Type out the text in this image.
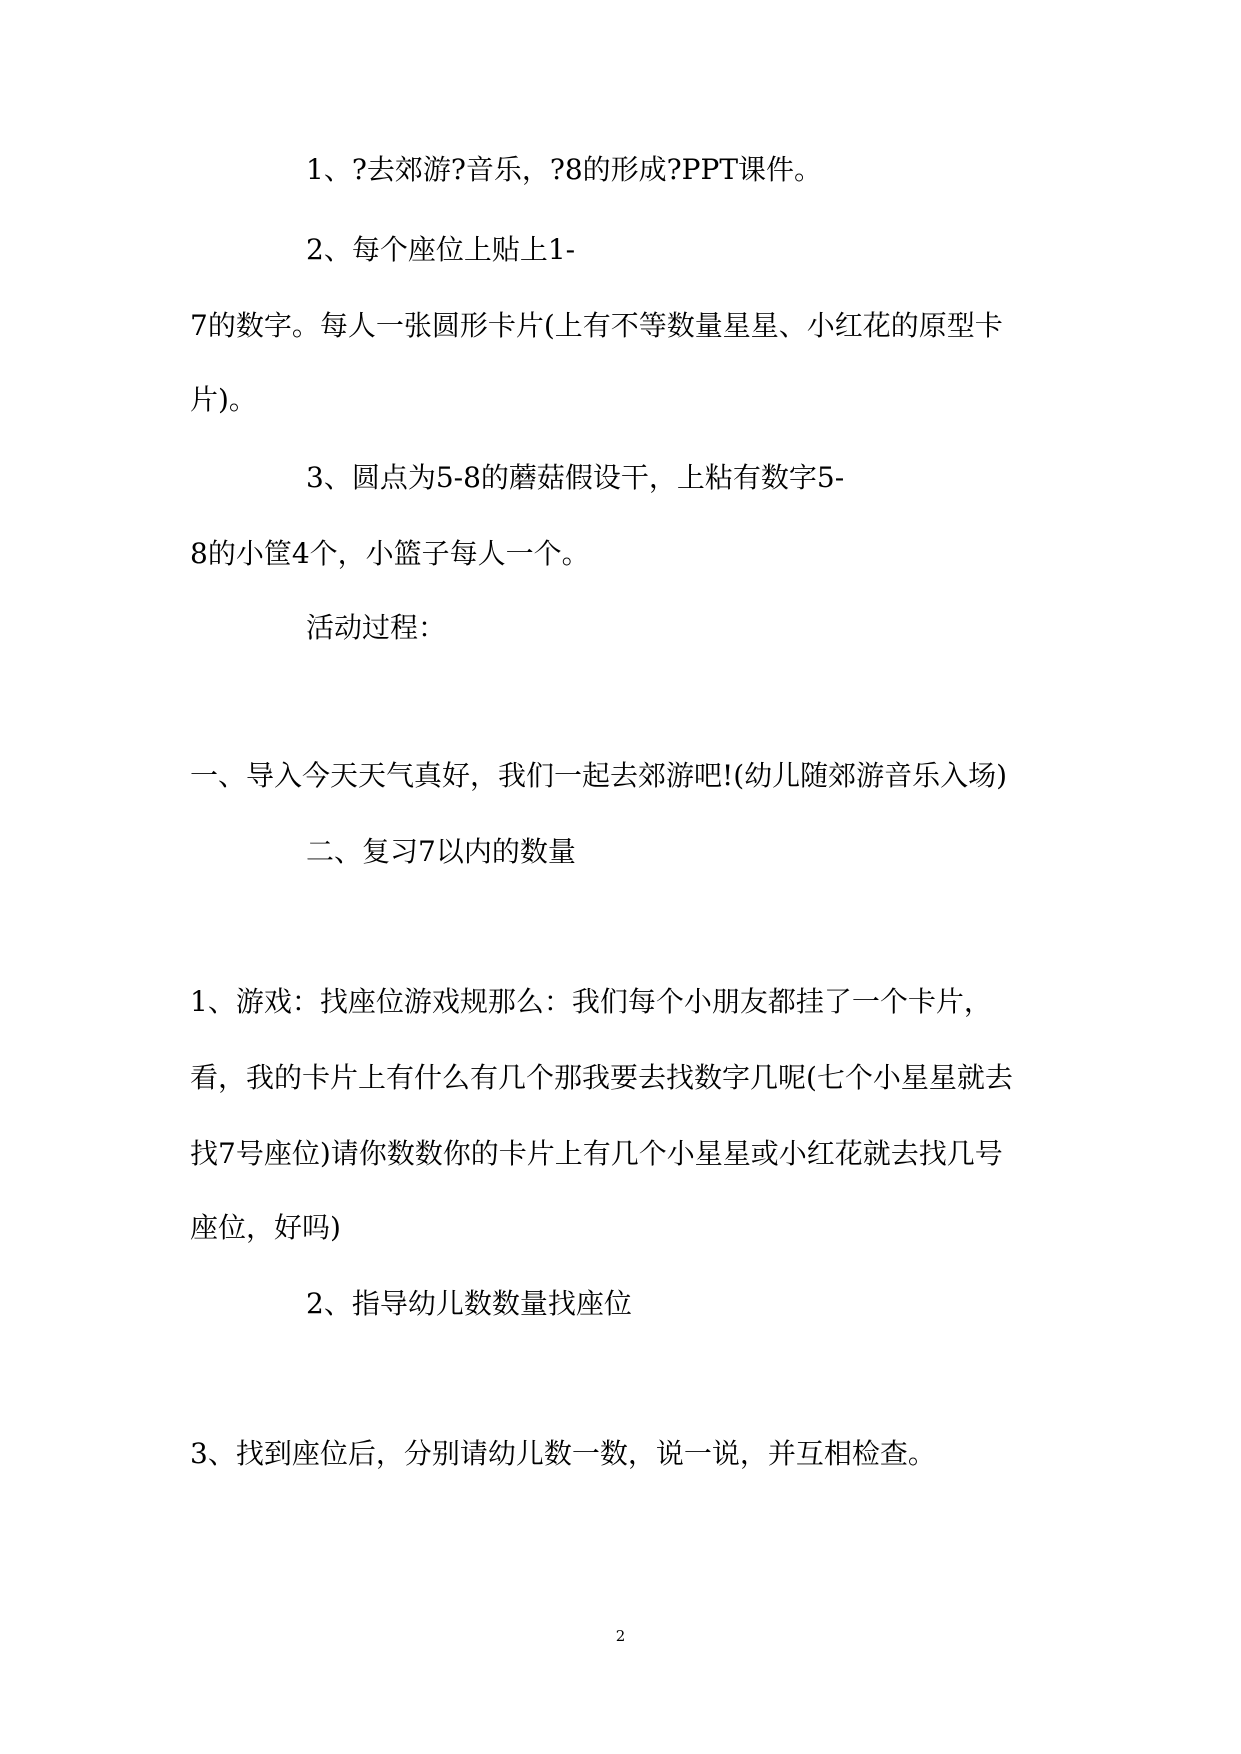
1、?去郊游?音乐，?8的形成?PPT课件。
2、每个座位上贴上1-
7的数字。每人一张圆形卡片(上有不等数量星星、小红花的原型卡
片)。
3、圆点为5-8的蘑菇假设干，上粘有数字5-
8的小筐4个，小篮子每人一个。
活动过程：
一、导入今天天气真好，我们一起去郊游吧!(幼儿随郊游音乐入场)
二、复习7以内的数量
1、游戏：找座位游戏规那么：我们每个小朋友都挂了一个卡片，
看，我的卡片上有什么有几个那我要去找数字几呢(七个小星星就去
找7号座位)请你数数你的卡片上有几个小星星或小红花就去找几号
座位，好吗)
2、指导幼儿数数量找座位
3、找到座位后，分别请幼儿数一数，说一说，并互相检查。
2
